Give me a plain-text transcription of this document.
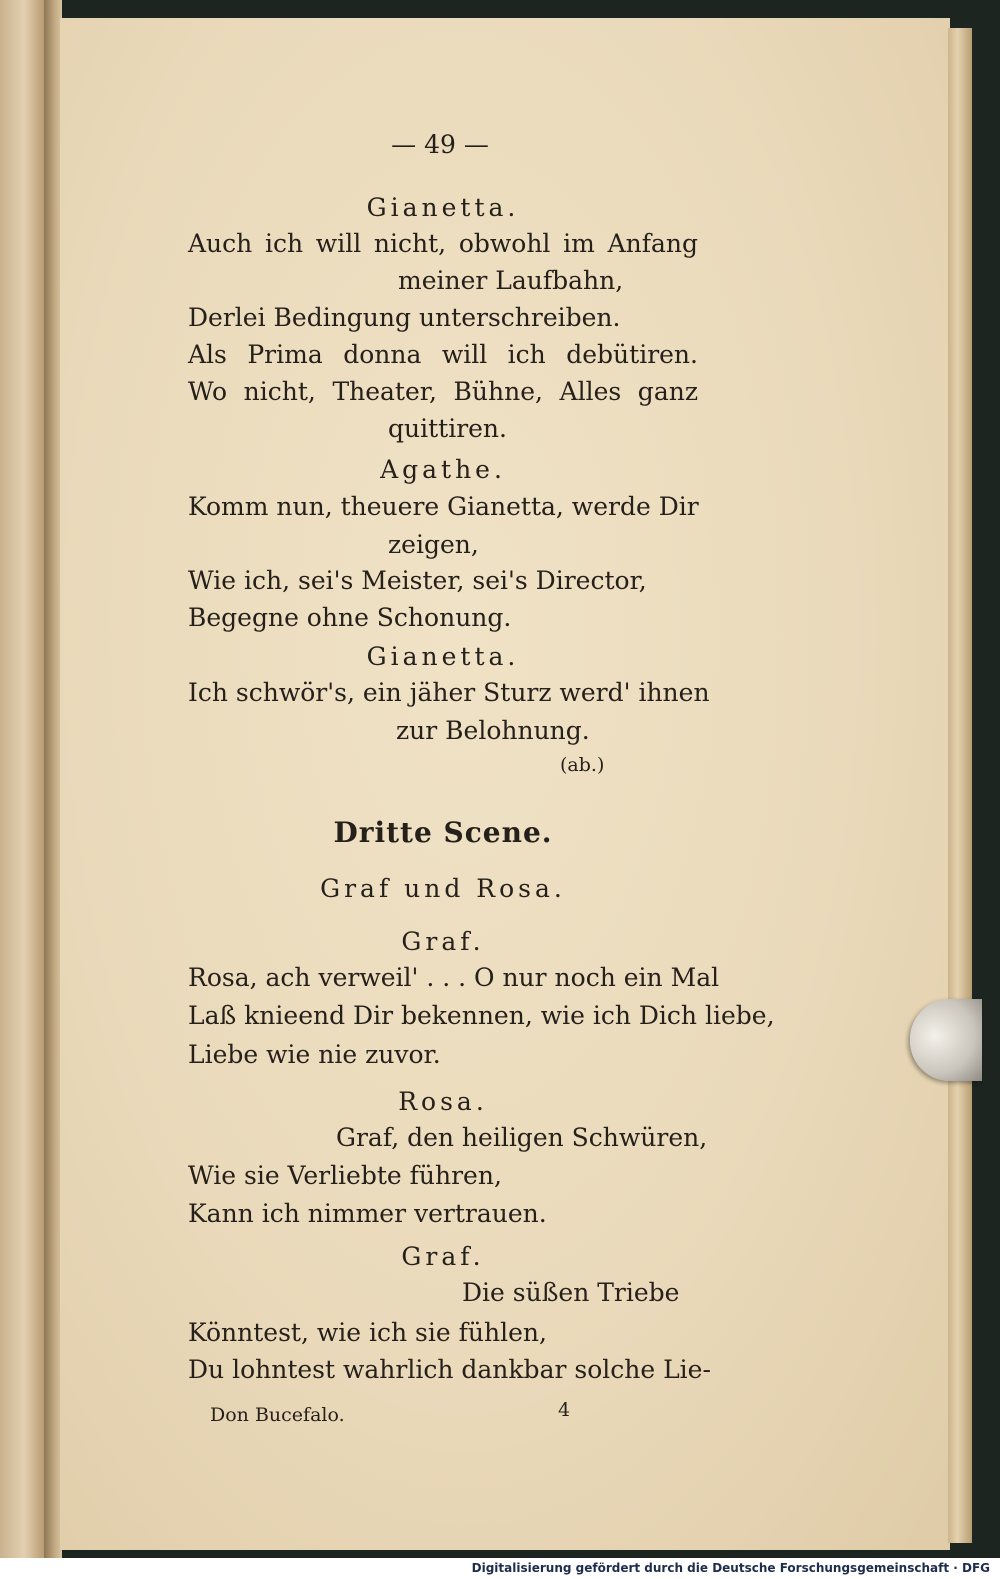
— 49 —

Gianetta.

Auch ich will nicht, obwohl im Anfang

meiner Laufbahn,

Derlei Bedingung unterschreiben.

Als Prima donna will ich debütiren.

Wo nicht, Theater, Bühne, Alles ganz

quittiren.

Agathe.

Komm nun, theuere Gianetta, werde Dir

zeigen,

Wie ich, sei's Meister, sei's Director,

Begegne ohne Schonung.

Gianetta.

Ich schwör's, ein jäher Sturz werd' ihnen

zur Belohnung.

(ab.)

Dritte Scene.

Graf und Rosa.

Graf.

Rosa, ach verweil' . . . O nur noch ein Mal

Laß knieend Dir bekennen, wie ich Dich liebe,

Liebe wie nie zuvor.

Rosa.

Graf, den heiligen Schwüren,

Wie sie Verliebte führen,

Kann ich nimmer vertrauen.

Graf.

Die süßen Triebe

Könntest, wie ich sie fühlen,

Du lohntest wahrlich dankbar solche Lie-

Don Bucefalo.	4

Digitalisierung gefördert durch die Deutsche Forschungsgemeinschaft · DFG
